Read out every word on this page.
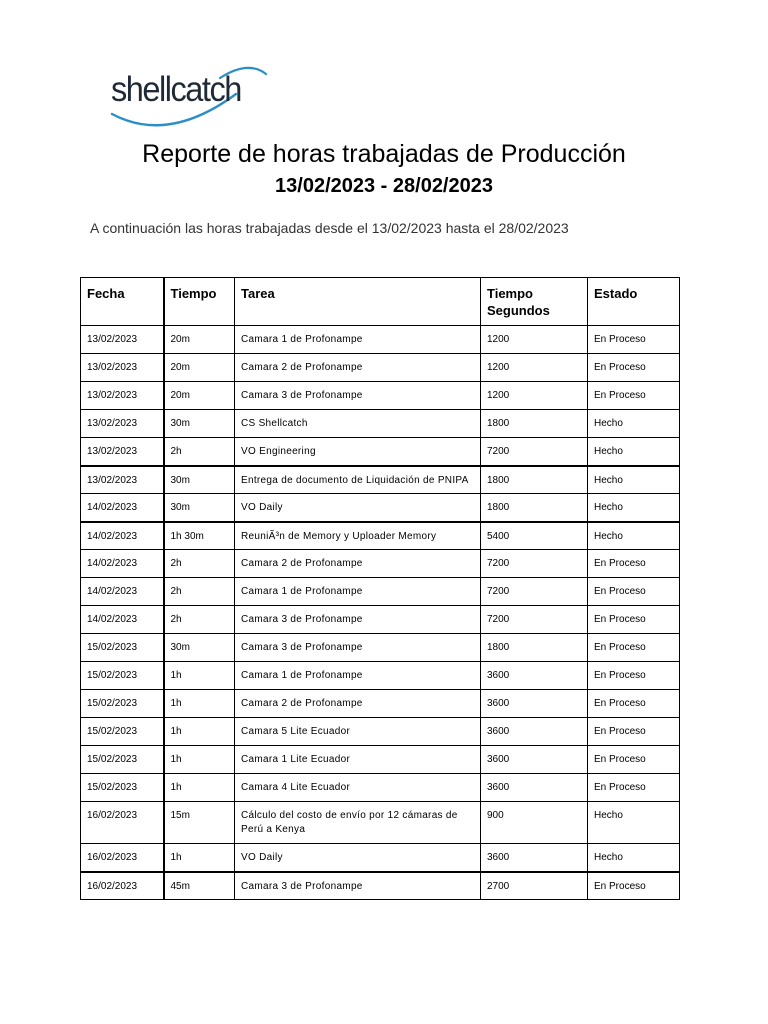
shellcatch
Reporte de horas trabajadas de Producción
13/02/2023 - 28/02/2023

A continuación las horas trabajadas desde el 13/02/2023 hasta el 28/02/2023

Fecha	Tiempo	Tarea	Tiempo Segundos	Estado
13/02/2023	20m	Camara 1 de Profonampe	1200	En Proceso
13/02/2023	20m	Camara 2 de Profonampe	1200	En Proceso
13/02/2023	20m	Camara 3 de Profonampe	1200	En Proceso
13/02/2023	30m	CS Shellcatch	1800	Hecho
13/02/2023	2h	VO Engineering	7200	Hecho
13/02/2023	30m	Entrega de documento de Liquidación de PNIPA	1800	Hecho
14/02/2023	30m	VO Daily	1800	Hecho
14/02/2023	1h 30m	ReuniÃ³n de Memory y Uploader Memory	5400	Hecho
14/02/2023	2h	Camara 2 de Profonampe	7200	En Proceso
14/02/2023	2h	Camara 1 de Profonampe	7200	En Proceso
14/02/2023	2h	Camara 3 de Profonampe	7200	En Proceso
15/02/2023	30m	Camara 3 de Profonampe	1800	En Proceso
15/02/2023	1h	Camara 1 de Profonampe	3600	En Proceso
15/02/2023	1h	Camara 2 de Profonampe	3600	En Proceso
15/02/2023	1h	Camara 5 Lite Ecuador	3600	En Proceso
15/02/2023	1h	Camara 1 Lite Ecuador	3600	En Proceso
15/02/2023	1h	Camara 4 Lite Ecuador	3600	En Proceso
16/02/2023	15m	Cálculo del costo de envío por 12 cámaras de Perú a Kenya	900	Hecho
16/02/2023	1h	VO Daily	3600	Hecho
16/02/2023	45m	Camara 3 de Profonampe	2700	En Proceso
